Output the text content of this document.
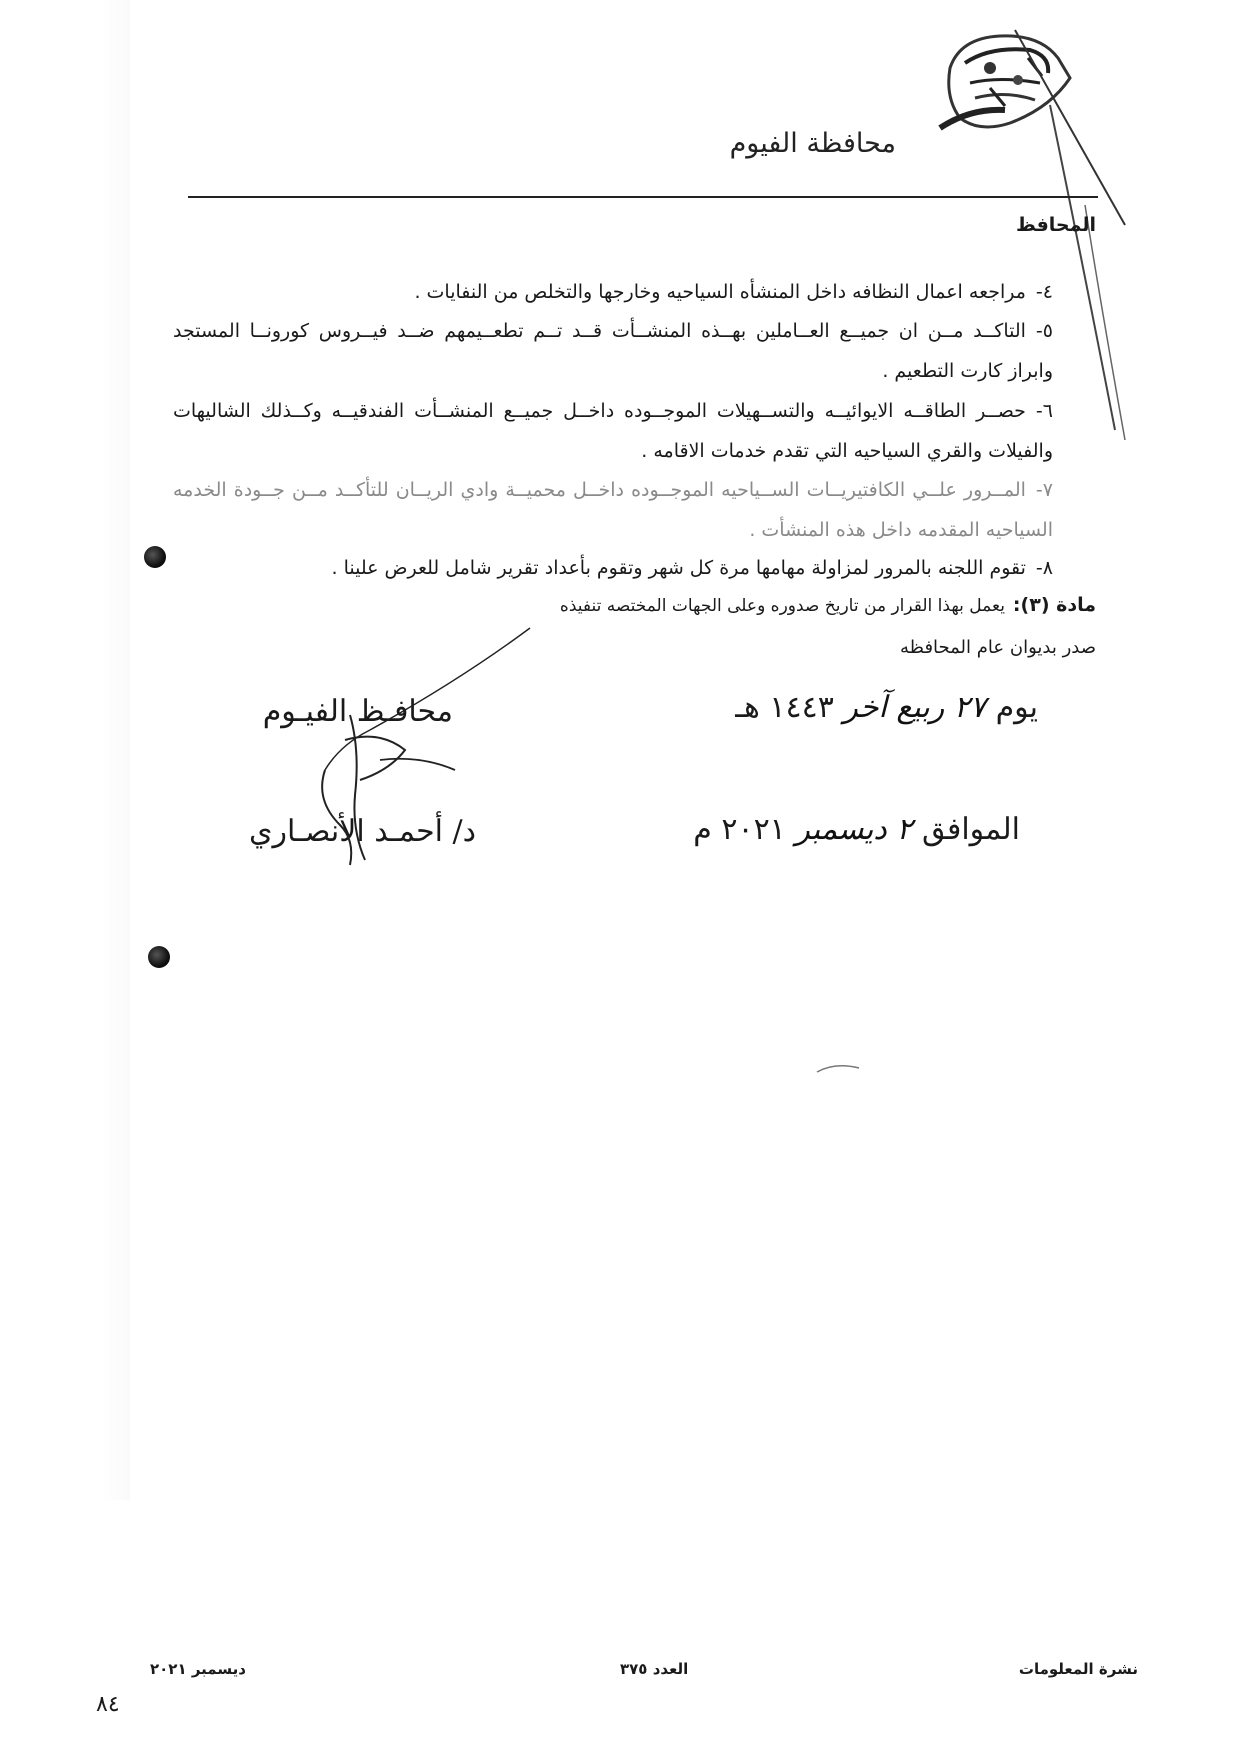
محافظة الفيوم
المحافظ
٤-مراجعه اعمال النظافه داخل المنشأه السياحيه وخارجها والتخلص من النفايات .
٥-التاكــد مــن ان جميــع العــاملين بهــذه المنشــأت قــد تــم تطعــيمهم ضــد فيــروس كورونــا المستجد وابراز كارت التطعيم .
٦-حصــر الطاقــه الايوائيــه والتســهيلات الموجــوده داخــل جميــع المنشــأت الفندقيــه وكــذلك الشاليهات والفيلات والقري السياحيه التي تقدم خدمات الاقامه .
٧-المــرور علــي الكافتيريــات الســياحيه الموجــوده داخــل محميــة وادي الريــان للتأكــد مــن جــودة الخدمه السياحيه المقدمه داخل هذه المنشأت .
٨-تقوم اللجنه بالمرور لمزاولة مهامها مرة كل شهر وتقوم بأعداد تقرير شامل للعرض علينا .
مادة (٣):يعمل بهذا القرار من تاريخ صدوره وعلى الجهات المختصه تنفيذه
صدر بديوان عام المحافظه
يوم ٢٧ ربيع آخر ١٤٤٣ هـ
الموافق ٢ ديسمبر ٢٠٢١ م
محافـظ الفيـوم
د/ أحمـد الأنصـاري
نشرة المعلومات
العدد ٣٧٥
ديسمبر ٢٠٢١
٨٤
